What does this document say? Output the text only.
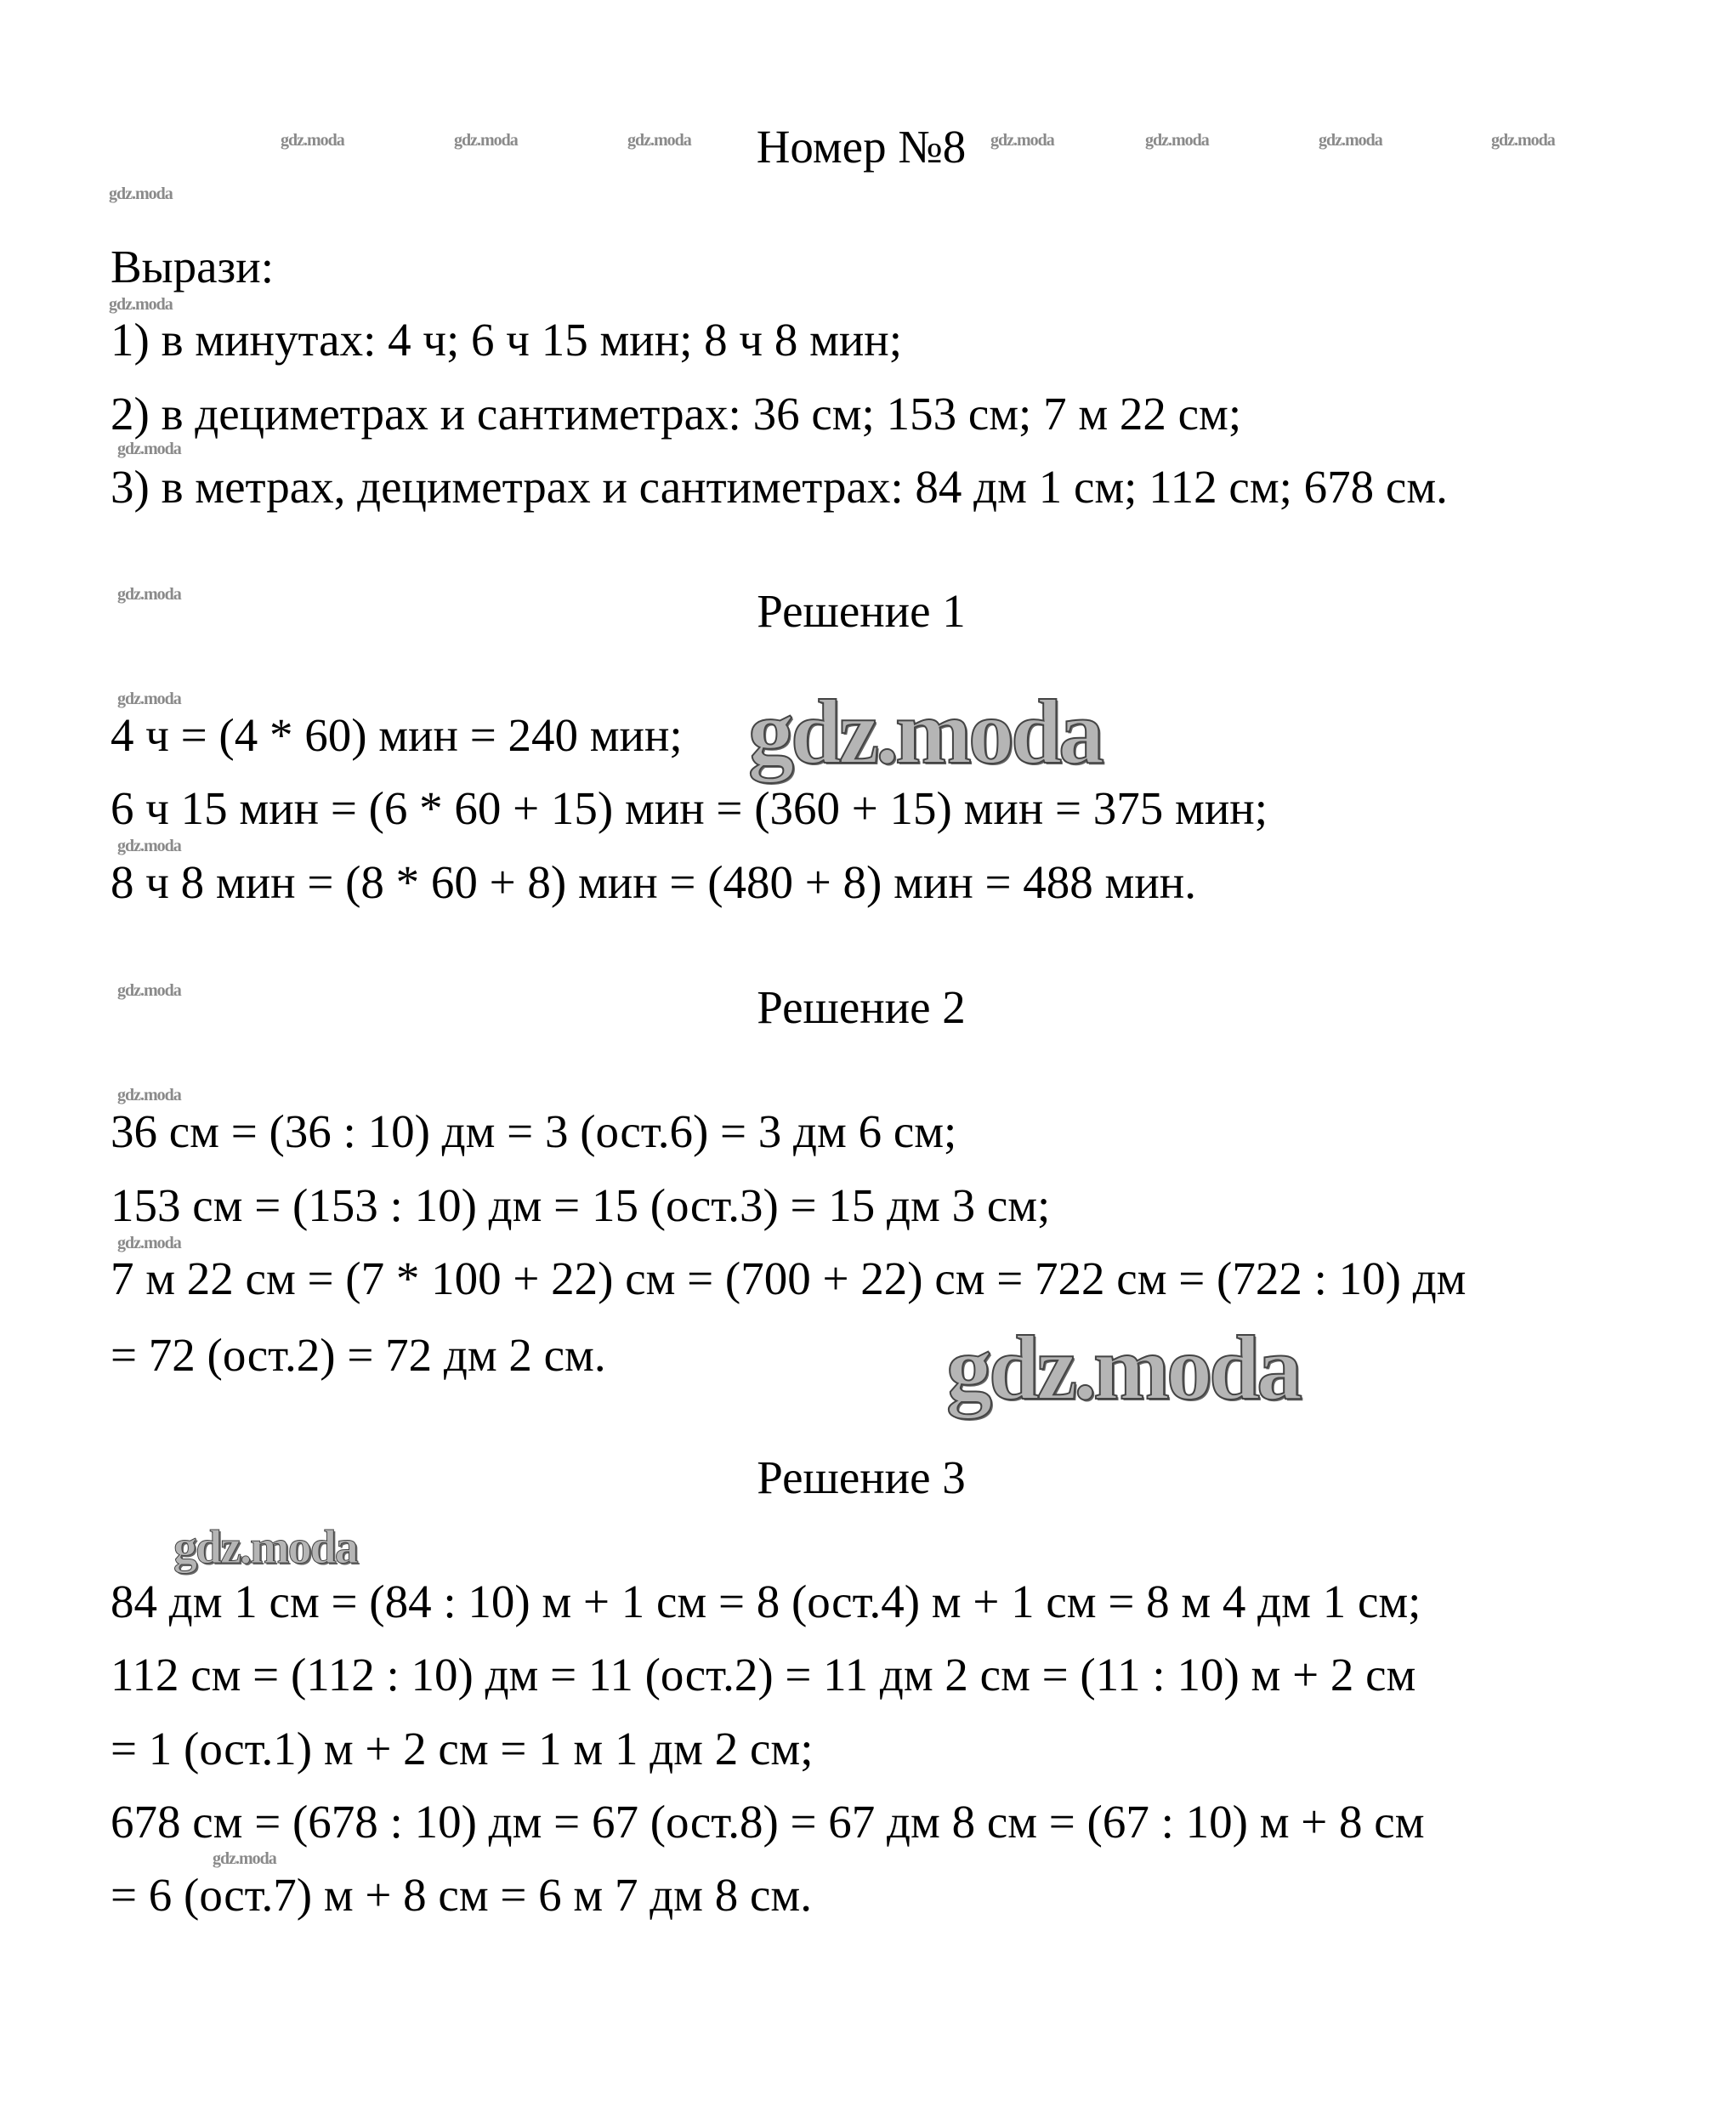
gdz.moda	gdz.moda	gdz.moda	gdz.moda	gdz.moda	gdz.moda	gdz.moda
gdz.moda
gdz.moda
gdz.moda
gdz.moda
gdz.moda
gdz.moda
gdz.moda
gdz.moda
gdz.moda
gdz.moda
Номер №8
Вырази:
1) в минутах: 4 ч; 6 ч 15 мин; 8 ч 8 мин;
2) в дециметрах и сантиметрах: 36 см; 153 см; 7 м 22 см;
3) в метрах, дециметрах и сантиметрах: 84 дм 1 см; 112 см; 678 см.
Решение 1
4 ч = (4 * 60) мин = 240 мин;
6 ч 15 мин = (6 * 60 + 15) мин = (360 + 15) мин = 375 мин;
8 ч 8 мин = (8 * 60 + 8) мин = (480 + 8) мин = 488 мин.
Решение 2
36 см = (36 : 10) дм = 3 (ост.6) = 3 дм 6 см;
153 см = (153 : 10) дм = 15 (ост.3) = 15 дм 3 см;
7 м 22 см = (7 * 100 + 22) см = (700 + 22) см = 722 см = (722 : 10) дм
= 72 (ост.2) = 72 дм 2 см.
Решение 3
84 дм 1 см = (84 : 10) м + 1 см = 8 (ост.4) м + 1 см = 8 м 4 дм 1 см;
112 см = (112 : 10) дм = 11 (ост.2) = 11 дм 2 см = (11 : 10) м + 2 см
= 1 (ост.1) м + 2 см = 1 м 1 дм 2 см;
678 см = (678 : 10) дм = 67 (ост.8) = 67 дм 8 см = (67 : 10) м + 8 см
= 6 (ост.7) м + 8 см = 6 м 7 дм 8 см.
gdz.moda
gdz.moda
gdz.moda
